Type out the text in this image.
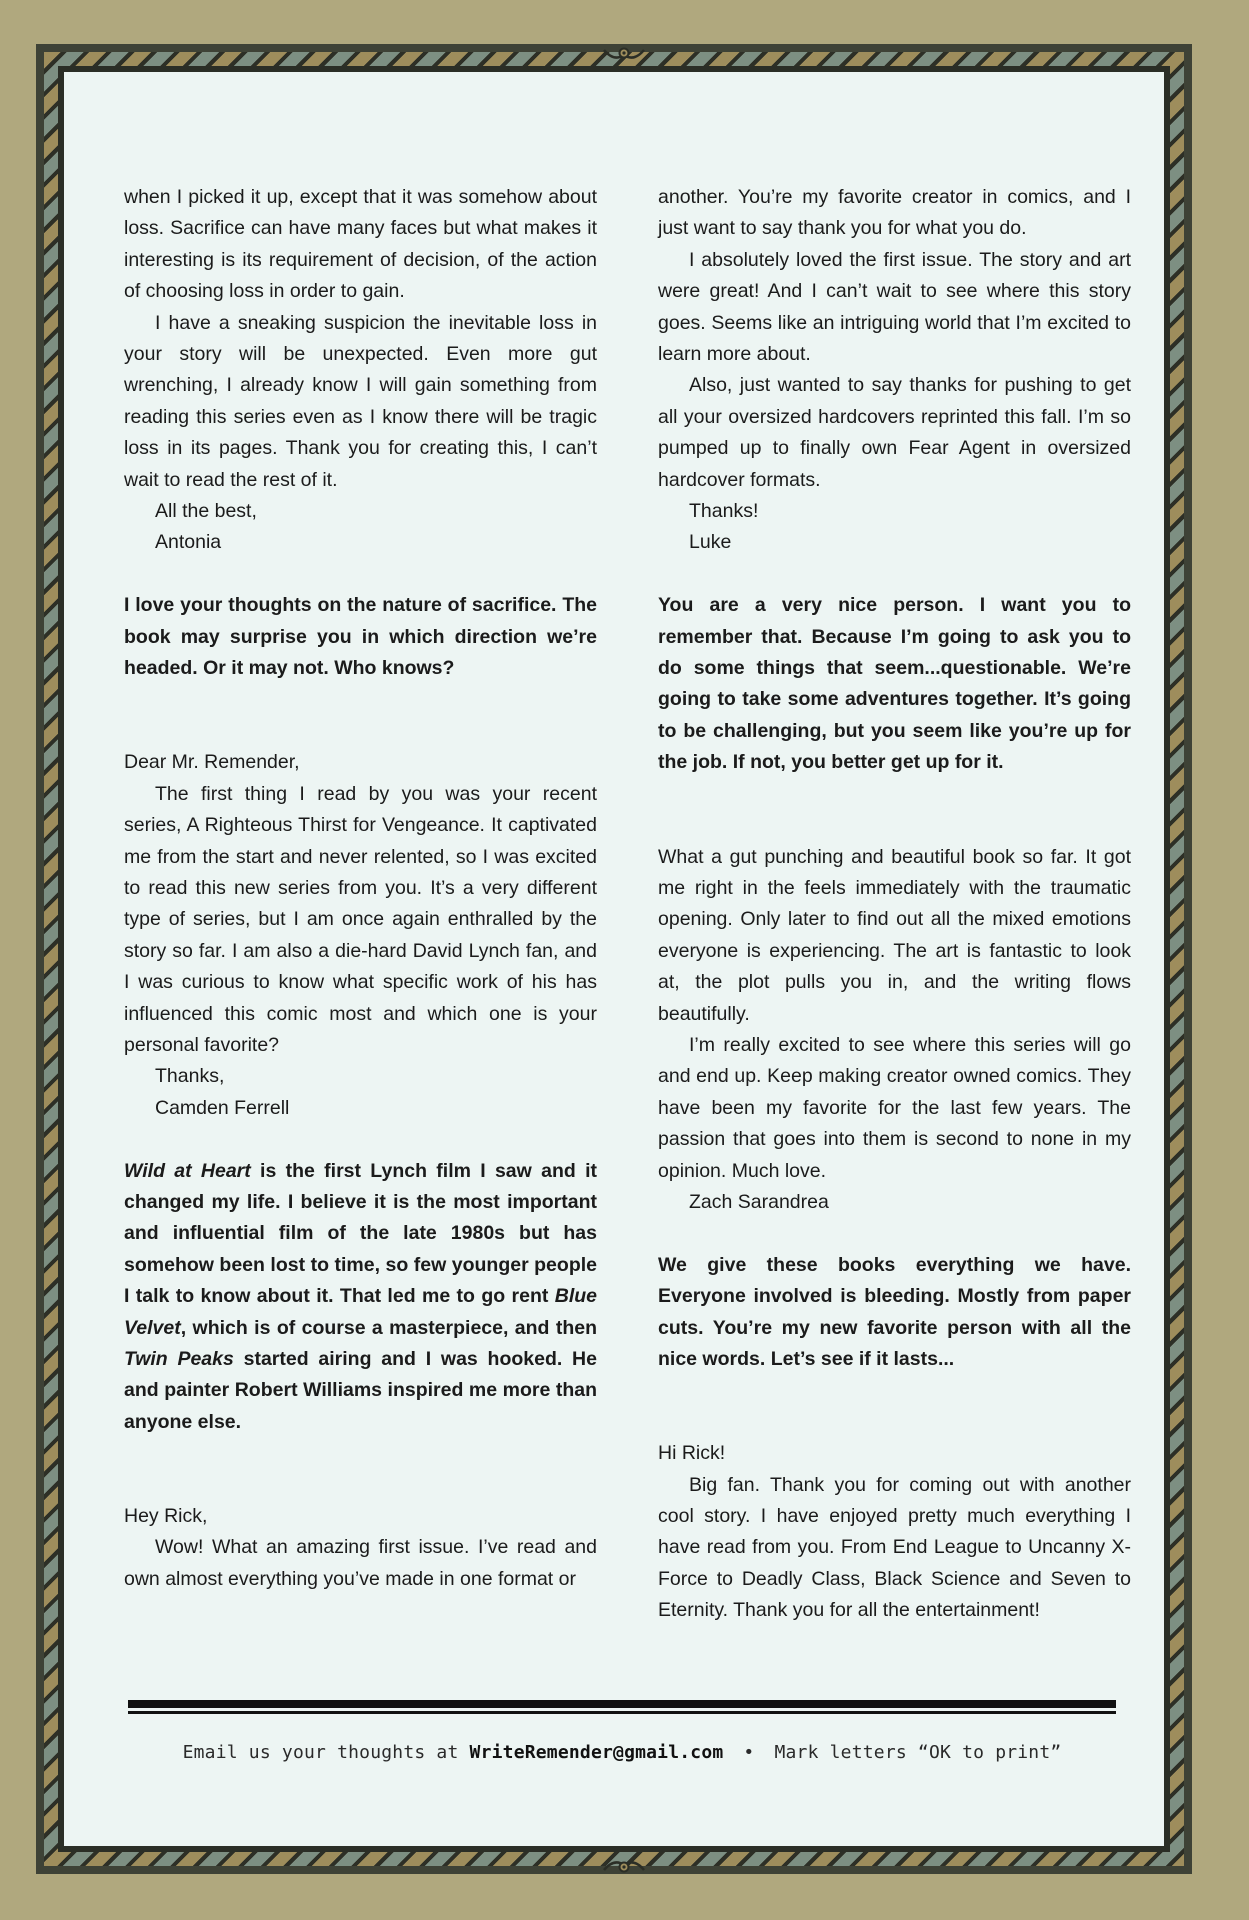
when I picked it up, except that it was somehow about loss. Sacrifice can have many faces but what makes it interesting is its requirement of decision, of the action of choosing loss in order to gain.

I have a sneaking suspicion the inevitable loss in your story will be unexpected. Even more gut wrenching, I already know I will gain something from reading this series even as I know there will be tragic loss in its pages. Thank you for creating this, I can’t wait to read the rest of it.

All the best,

Antonia

I love your thoughts on the nature of sacrifice. The book may surprise you in which direction we’re headed. Or it may not. Who knows?

Dear Mr. Remender,

The first thing I read by you was your recent series, A Righteous Thirst for Vengeance. It captivated me from the start and never relented, so I was excited to read this new series from you. It’s a very different type of series, but I am once again enthralled by the story so far. I am also a die-hard David Lynch fan, and I was curious to know what specific work of his has influenced this comic most and which one is your personal favorite?

Thanks,

Camden Ferrell

Wild at Heart is the first Lynch film I saw and it changed my life. I believe it is the most important and influential film of the late 1980s but has somehow been lost to time, so few younger people I talk to know about it. That led me to go rent Blue Velvet, which is of course a masterpiece, and then Twin Peaks started airing and I was hooked. He and painter Robert Williams inspired me more than anyone else.

Hey Rick,

Wow! What an amazing first issue. I’ve read and own almost everything you’ve made in one format or

another. You’re my favorite creator in comics, and I just want to say thank you for what you do.

I absolutely loved the first issue. The story and art were great! And I can’t wait to see where this story goes. Seems like an intriguing world that I’m excited to learn more about.

Also, just wanted to say thanks for pushing to get all your oversized hardcovers reprinted this fall. I’m so pumped up to finally own Fear Agent in oversized hardcover formats.

Thanks!

Luke

You are a very nice person. I want you to remember that. Because I’m going to ask you to do some things that seem...questionable. We’re going to take some adventures together. It’s going to be challenging, but you seem like you’re up for the job. If not, you better get up for it.

What a gut punching and beautiful book so far. It got me right in the feels immediately with the traumatic opening. Only later to find out all the mixed emotions everyone is experiencing. The art is fantastic to look at, the plot pulls you in, and the writing flows beautifully.

I’m really excited to see where this series will go and end up. Keep making creator owned comics. They have been my favorite for the last few years. The passion that goes into them is second to none in my opinion. Much love.

Zach Sarandrea

We give these books everything we have. Everyone involved is bleeding. Mostly from paper cuts. You’re my new favorite person with all the nice words. Let’s see if it lasts...

Hi Rick!

Big fan. Thank you for coming out with another cool story. I have enjoyed pretty much everything I have read from you. From End League to Uncanny X-Force to Deadly Class, Black Science and Seven to Eternity. Thank you for all the entertainment!

Email us your thoughts at WriteRemender@gmail.com • Mark letters “OK to print”
